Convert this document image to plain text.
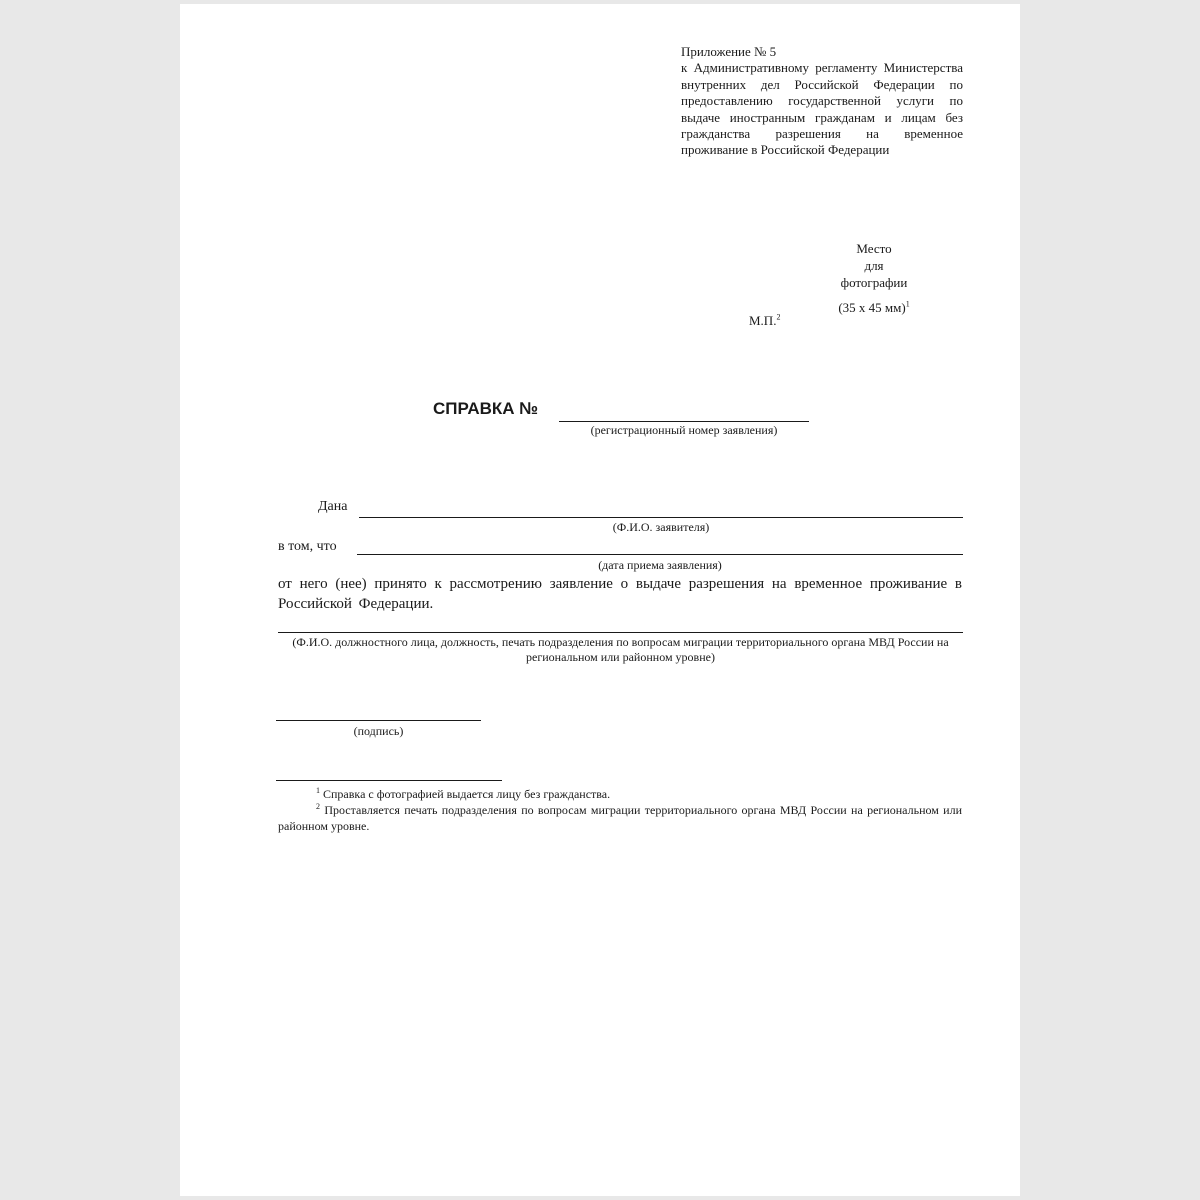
Приложение № 5
к Административному регламенту Министерства внутренних дел Российской Федерации по предоставлению государственной услуги по выдаче иностранным гражданам и лицам без гражданства разрешения на временное проживание в Российской Федерации
Место
для
фотографии
(35 х 45 мм)$^1$
М.П.$^2$
СПРАВКА №
(регистрационный номер заявления)
Дана
(Ф.И.О. заявителя)
в том, что
(дата приема заявления)
от него (нее) принято к рассмотрению заявление о выдаче разрешения на временное проживание в Российской Федерации.
(Ф.И.О. должностного лица, должность, печать подразделения по вопросам миграции территориального органа МВД России на региональном или районном уровне)
(подпись)
$^1$ Справка с фотографией выдается лицу без гражданства.
$^2$ Проставляется печать подразделения по вопросам миграции территориального органа МВД России на региональном или районном уровне.
